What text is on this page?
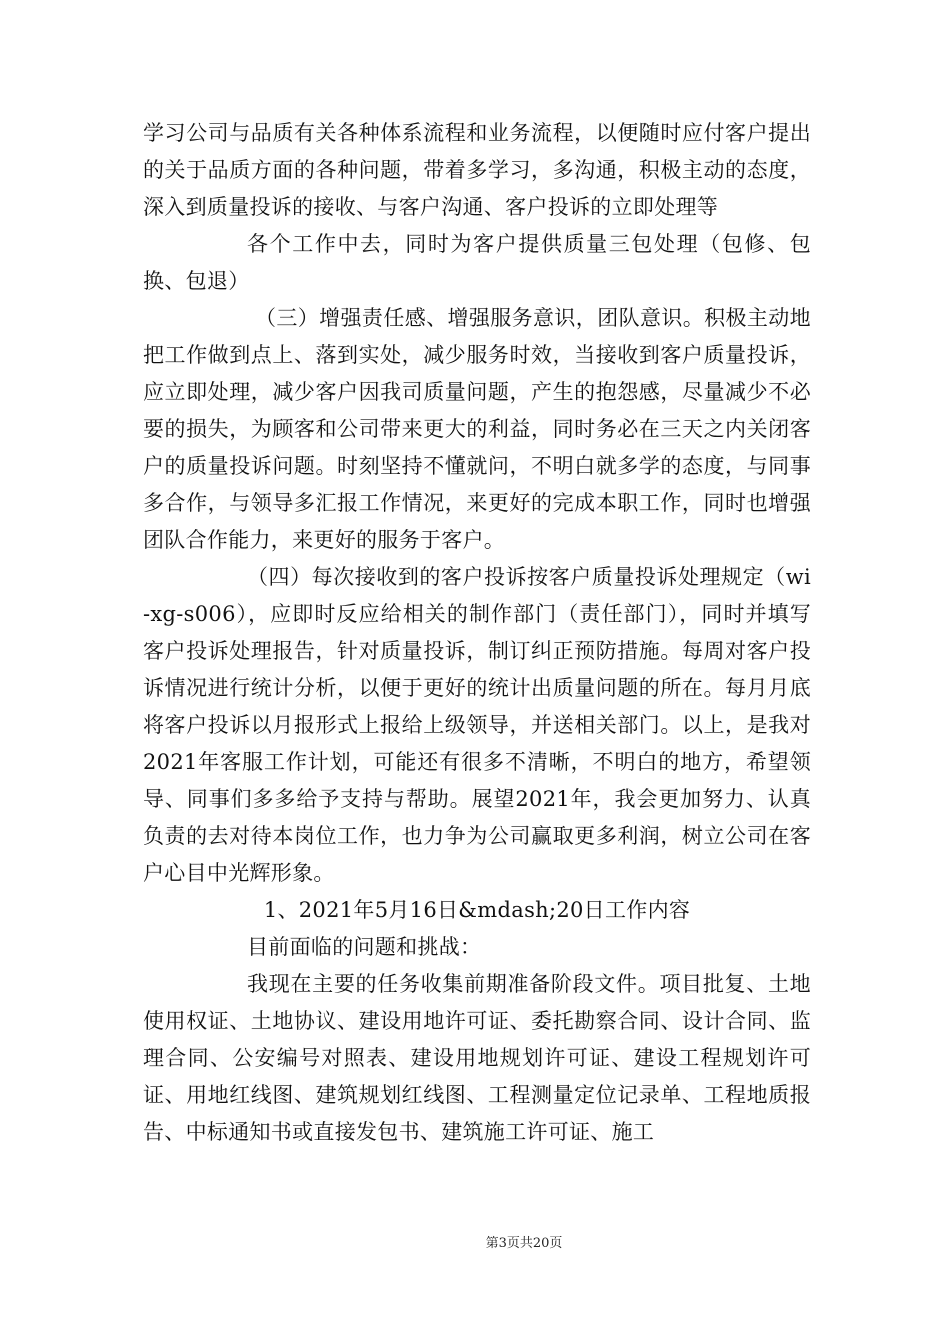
学习公司与品质有关各种体系流程和业务流程，以便随时应付客户提出的关于品质方面的各种问题，带着多学习，多沟通，积极主动的态度，深入到质量投诉的接收、与客户沟通、客户投诉的立即处理等

各个工作中去，同时为客户提供质量三包处理（包修、包换、包退）

（三）增强责任感、增强服务意识，团队意识。积极主动地把工作做到点上、落到实处，减少服务时效，当接收到客户质量投诉，应立即处理，减少客户因我司质量问题，产生的抱怨感，尽量减少不必要的损失，为顾客和公司带来更大的利益，同时务必在三天之内关闭客户的质量投诉问题。时刻坚持不懂就问，不明白就多学的态度，与同事多合作，与领导多汇报工作情况，来更好的完成本职工作，同时也增强团队合作能力，来更好的服务于客户。

（四）每次接收到的客户投诉按客户质量投诉处理规定（wi-xg-s006），应即时反应给相关的制作部门（责任部门），同时并填写客户投诉处理报告，针对质量投诉，制订纠正预防措施。每周对客户投诉情况进行统计分析，以便于更好的统计出质量问题的所在。每月月底将客户投诉以月报形式上报给上级领导，并送相关部门。以上，是我对2021年客服工作计划，可能还有很多不清晰，不明白的地方，希望领导、同事们多多给予支持与帮助。展望2021年，我会更加努力、认真负责的去对待本岗位工作，也力争为公司赢取更多利润，树立公司在客户心目中光辉形象。

1、2021年5月16日&mdash;20日工作内容

目前面临的问题和挑战：

我现在主要的任务收集前期准备阶段文件。项目批复、土地使用权证、土地协议、建设用地许可证、委托勘察合同、设计合同、监理合同、公安编号对照表、建设用地规划许可证、建设工程规划许可证、用地红线图、建筑规划红线图、工程测量定位记录单、工程地质报告、中标通知书或直接发包书、建筑施工许可证、施工

第3页共20页
